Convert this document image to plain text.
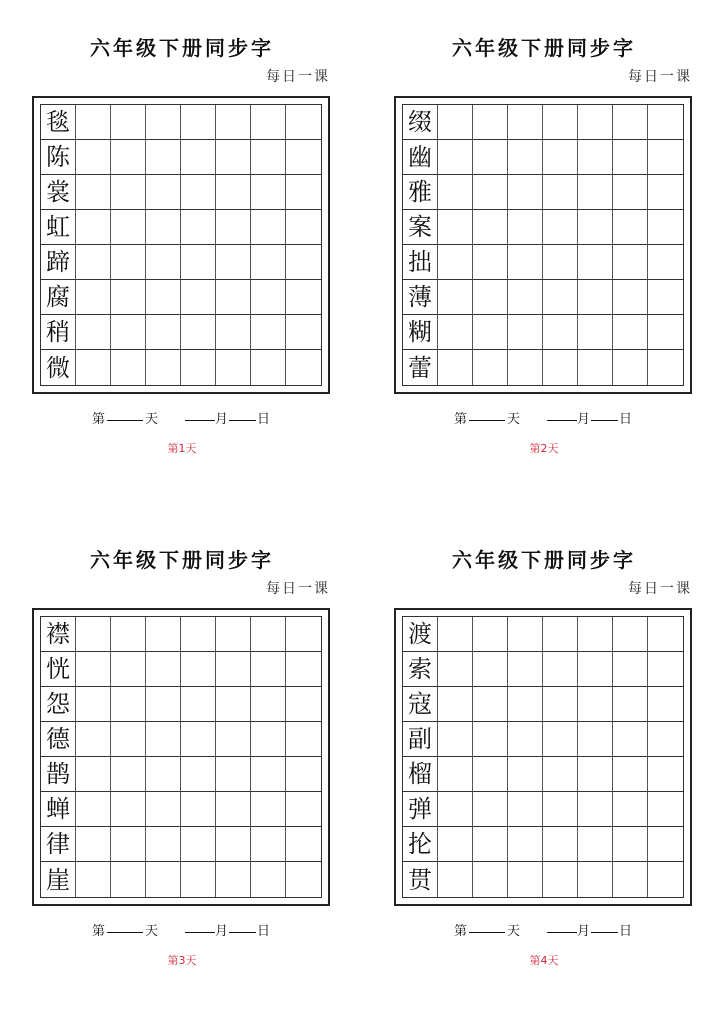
六年级下册同步字
每日一课
毯
陈
裳
虹
蹄
腐
稍
微
第	天	月 日
第1天
六年级下册同步字
每日一课
缀
幽
雅
案
拙
薄
糊
蕾
第	天	月 日
第2天
六年级下册同步字
每日一课
襟
恍
怨
德
鹊
蝉
律
崖
第	天	月 日
第3天
六年级下册同步字
每日一课
渡
索
寇
副
榴
弹
抡
贯
第	天	月 日
第4天
